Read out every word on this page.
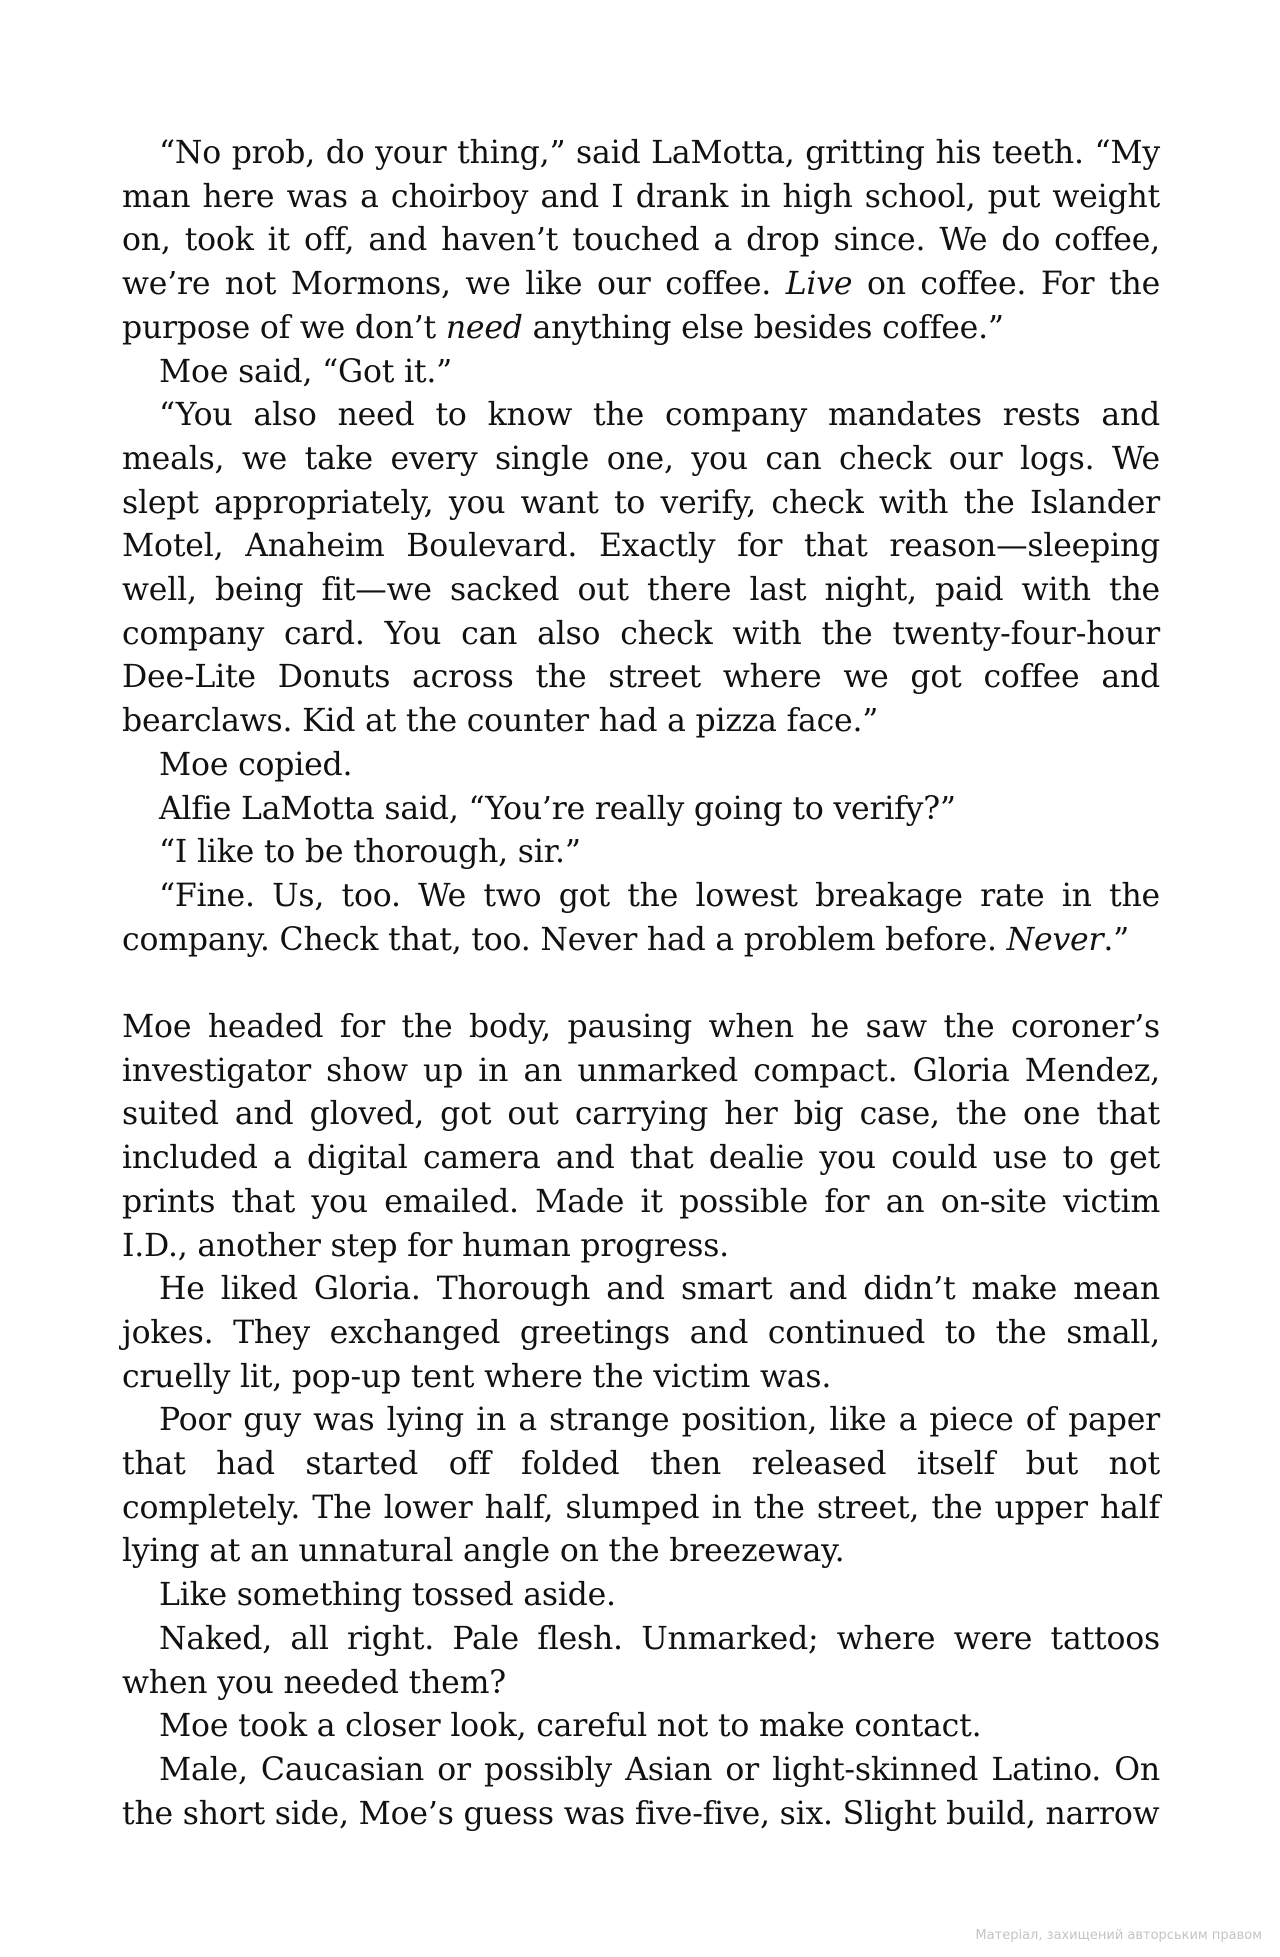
“No prob, do your thing,” said LaMotta, gritting his teeth. “My man here was a choirboy and I drank in high school, put weight on, took it off, and haven’t touched a drop since. We do coffee, we’re not Mormons, we like our coffee. Live on coffee. For the purpose of we don’t need anything else besides coffee.”

Moe said, “Got it.”

“You also need to know the company mandates rests and meals, we take every single one, you can check our logs. We slept appropriately, you want to verify, check with the Islander Motel, Anaheim Boulevard. Exactly for that reason—sleeping well, being fit—we sacked out there last night, paid with the company card. You can also check with the twenty-four-hour Dee-Lite Donuts across the street where we got coffee and bearclaws. Kid at the counter had a pizza face.”

Moe copied.

Alfie LaMotta said, “You’re really going to verify?”

“I like to be thorough, sir.”

“Fine. Us, too. We two got the lowest breakage rate in the company. Check that, too. Never had a problem before. Never.”

Moe headed for the body, pausing when he saw the coroner’s investigator show up in an unmarked compact. Gloria Mendez, suited and gloved, got out carrying her big case, the one that included a digital camera and that dealie you could use to get prints that you emailed. Made it possible for an on-site victim I.D., another step for human progress.

He liked Gloria. Thorough and smart and didn’t make mean jokes. They exchanged greetings and continued to the small, cruelly lit, pop-up tent where the victim was.

Poor guy was lying in a strange position, like a piece of paper that had started off folded then released itself but not completely. The lower half, slumped in the street, the upper half lying at an unnatural angle on the breezeway.

Like something tossed aside.

Naked, all right. Pale flesh. Unmarked; where were tattoos when you needed them?

Moe took a closer look, careful not to make contact.

Male, Caucasian or possibly Asian or light-skinned Latino. On the short side, Moe’s guess was five-five, six. Slight build, narrow

Матеріал, захищений авторським правом
